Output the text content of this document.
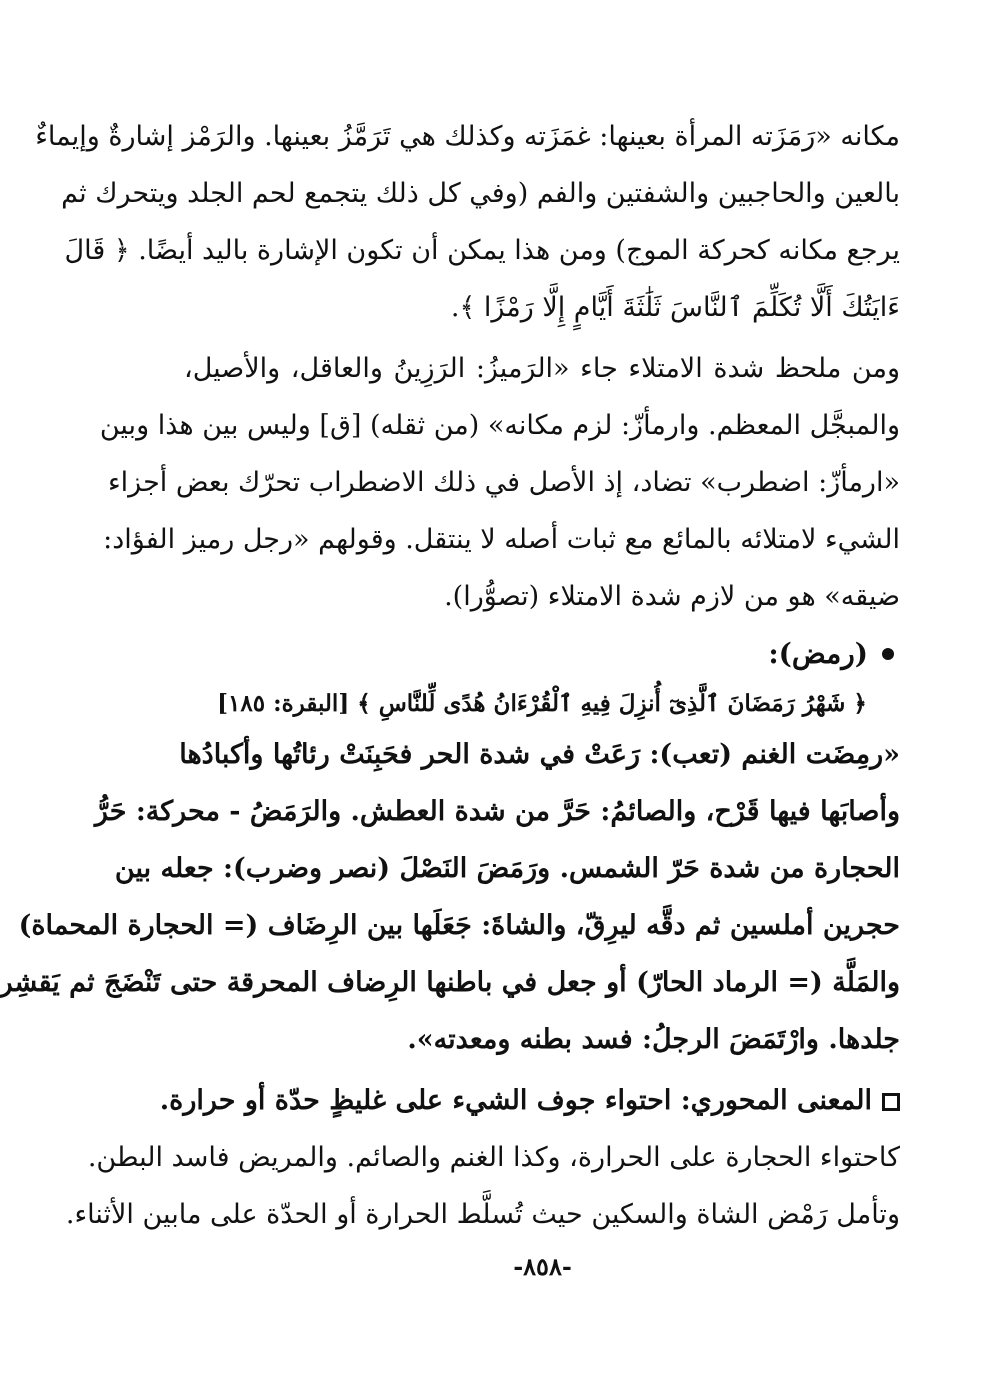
مكانه «رَمَزَته المرأة بعينها: غمَزَته وكذلك هي تَرَمَّزُ بعينها. والرَمْز إشارةٌ وإيماءٌ
بالعين والحاجبين والشفتين والفم (وفي كل ذلك يتجمع لحم الجلد ويتحرك ثم
يرجع مكانه كحركة الموج) ومن هذا يمكن أن تكون الإشارة باليد أيضًا. ﴿ قَالَ
ءَايَتُكَ أَلَّا تُكَلِّمَ ٱلنَّاسَ ثَلَٰثَةَ أَيَّامٍ إِلَّا رَمْزًا ﴾.
ومن ملحظ شدة الامتلاء جاء «الرَميزُ: الرَزِينُ والعاقل، والأصيل،
والمبجَّل المعظم. وارمأزّ: لزم مكانه» (من ثقله) [ق] وليس بين هذا وبين
«ارمأزّ: اضطرب» تضاد، إذ الأصل في ذلك الاضطراب تحرّك بعض أجزاء
الشيء لامتلائه بالمائع مع ثبات أصله لا ينتقل. وقولهم «رجل رميز الفؤاد:
ضيقه» هو من لازم شدة الامتلاء (تصوُّرا).
(رمض):
﴿ شَهْرُ رَمَضَانَ ٱلَّذِىٓ أُنزِلَ فِيهِ ٱلْقُرْءَانُ هُدًى لِّلنَّاسِ ﴾ [البقرة: ١٨٥]
«رمِضَت الغنم (تعب): رَعَتْ في شدة الحر فحَبِنَتْ رئاتُها وأكبادُها
وأصابَها فيها قَرْح، والصائمُ: حَرَّ من شدة العطش. والرَمَضُ - محركة: حَرُّ
الحجارة من شدة حَرّ الشمس. ورَمَضَ النَصْلَ (نصر وضرب): جعله بين
حجرين أملسين ثم دقَّه ليرِقّ، والشاةَ: جَعَلَها بين الرِضَاف (= الحجارة المحماة)
والمَلَّة (= الرماد الحارّ) أو جعل في باطنها الرِضاف المحرقة حتى تَنْضَجَ ثم يَقشِر
جلدها. وارْتَمَضَ الرجلُ: فسد بطنه ومعدته».
المعنى المحوري: احتواء جوف الشيء على غليظٍ حدّة أو حرارة.
كاحتواء الحجارة على الحرارة، وكذا الغنم والصائم. والمريض فاسد البطن.
وتأمل رَمْض الشاة والسكين حيث تُسلَّط الحرارة أو الحدّة على مابين الأثناء.
-٨٥٨-
